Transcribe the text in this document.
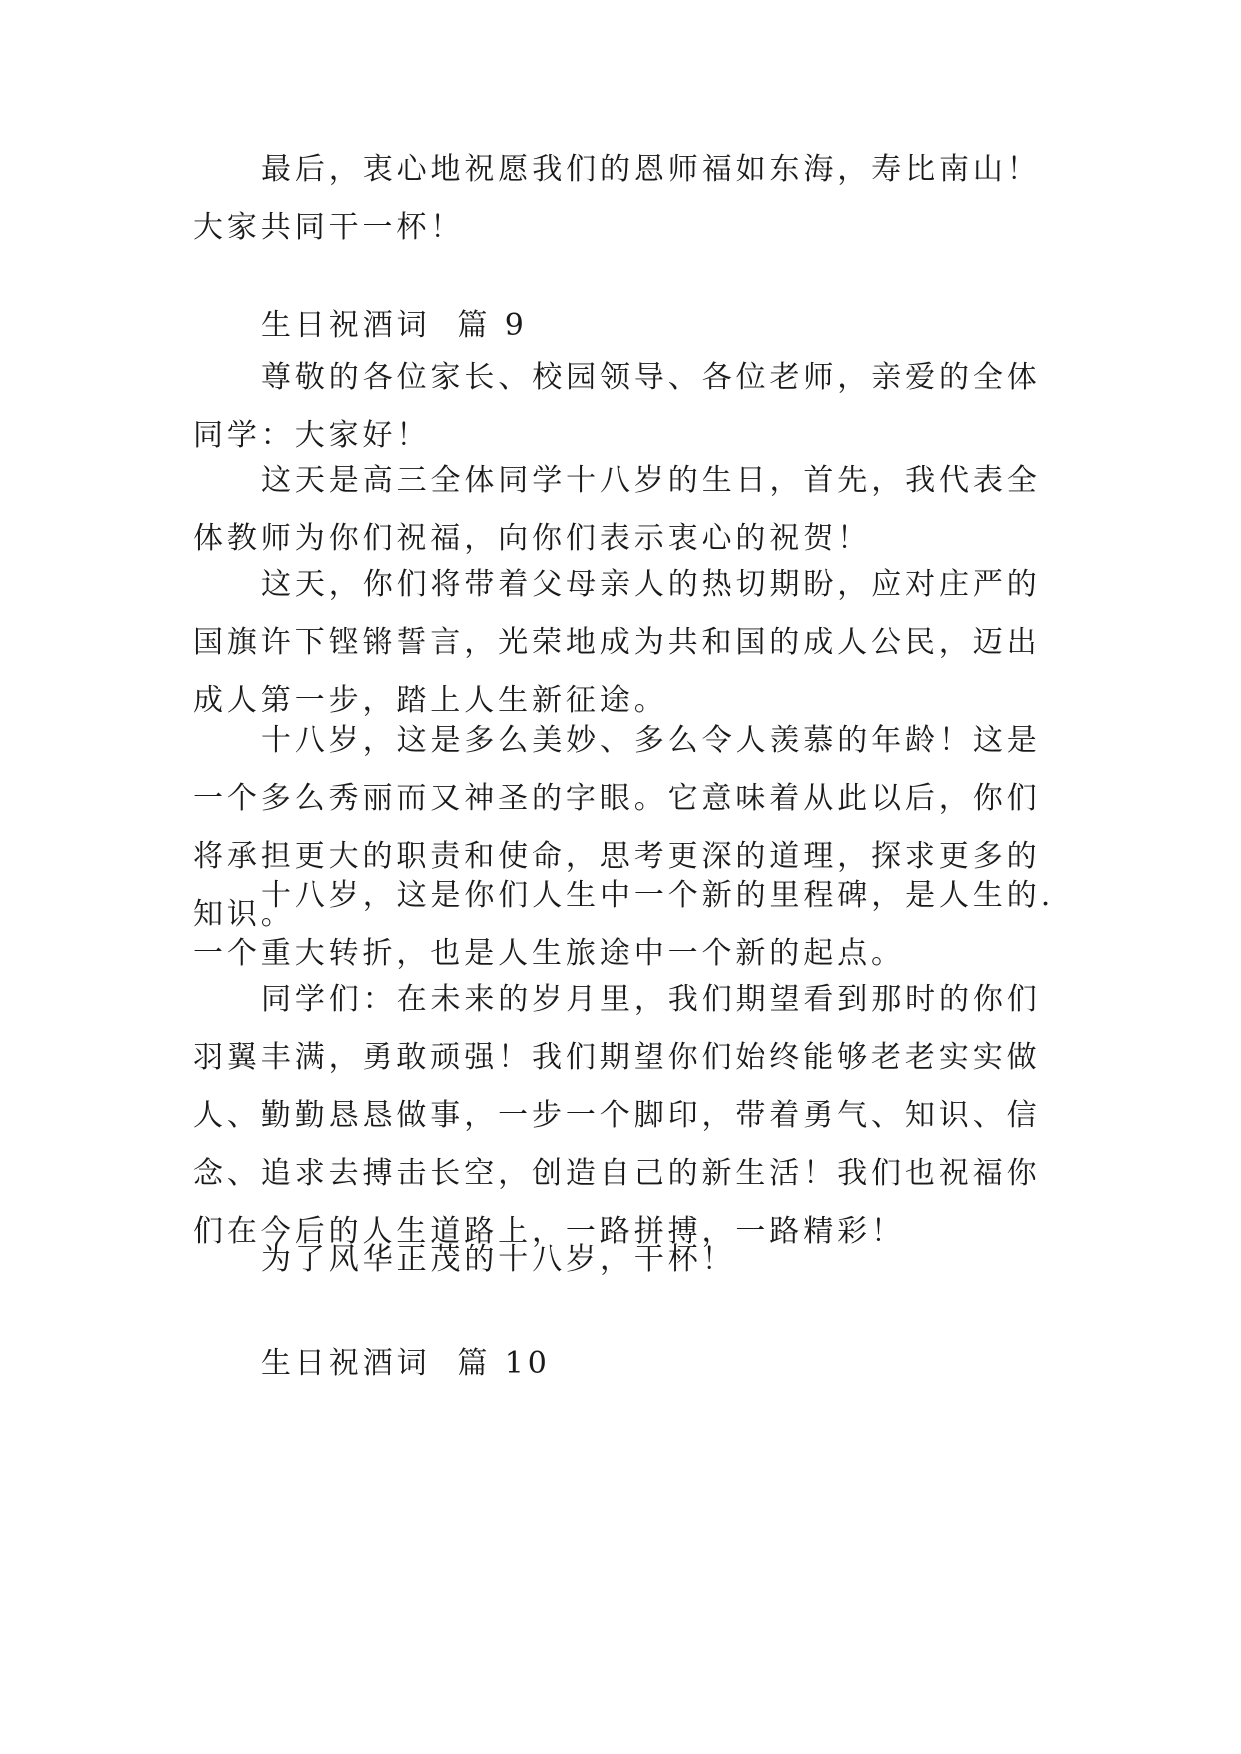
最后，衷心地祝愿我们的恩师福如东海，寿比南山！大家共同干一杯！

生日祝酒词  篇 9

尊敬的各位家长、校园领导、各位老师，亲爱的全体同学：大家好！

这天是高三全体同学十八岁的生日，首先，我代表全体教师为你们祝福，向你们表示衷心的祝贺！

这天，你们将带着父母亲人的热切期盼，应对庄严的国旗许下铿锵誓言，光荣地成为共和国的成人公民，迈出成人第一步，踏上人生新征途。

十八岁，这是多么美妙、多么令人羡慕的年龄！这是一个多么秀丽而又神圣的字眼。它意味着从此以后，你们将承担更大的职责和使命，思考更深的道理，探求更多的知识。

十八岁，这是你们人生中一个新的里程碑，是人生的.一个重大转折，也是人生旅途中一个新的起点。

同学们：在未来的岁月里，我们期望看到那时的你们羽翼丰满，勇敢顽强！我们期望你们始终能够老老实实做人、勤勤恳恳做事，一步一个脚印，带着勇气、知识、信念、追求去搏击长空，创造自己的新生活！我们也祝福你们在今后的人生道路上，一路拼搏，一路精彩！

为了风华正茂的十八岁，干杯！

生日祝酒词  篇 10
